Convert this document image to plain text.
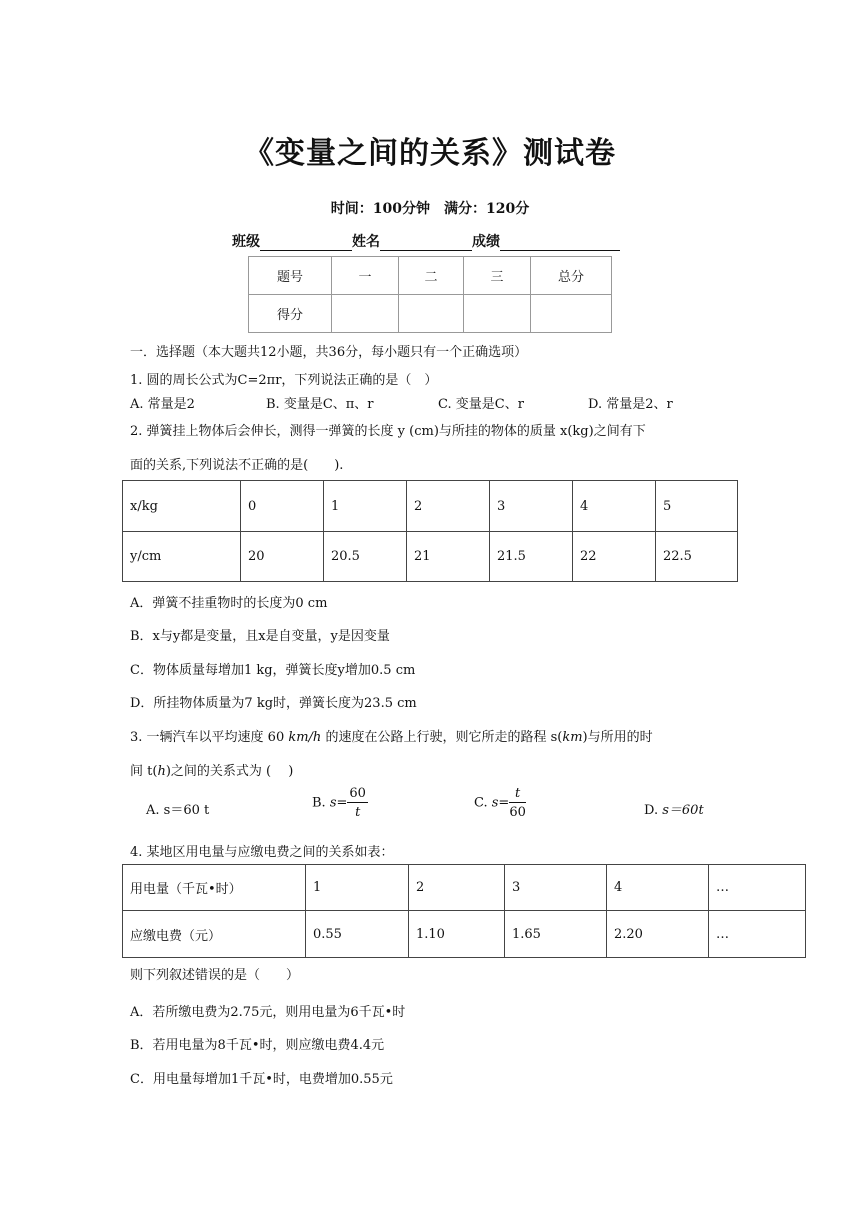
《变量之间的关系》测试卷
时间：100分钟　满分：120分
班级	姓名	成绩
题号	一	二	三	总分
得分				
一．选择题（本大题共12小题，共36分，每小题只有一个正确选项）
1. 圆的周长公式为C=2πr，下列说法正确的是（　）
A. 常量是2	B. 变量是C、π、r	C. 变量是C、r	D. 常量是2、r
2. 弹簧挂上物体后会伸长，测得一弹簧的长度 y (cm)与所挂的物体的质量 x(kg)之间有下
面的关系,下列说法不正确的是(　　).
x/kg	0	1	2	3	4	5
y/cm	20	20.5	21	21.5	22	22.5
A．弹簧不挂重物时的长度为0 cm
B．x与y都是变量，且x是自变量，y是因变量
C．物体质量每增加1 kg，弹簧长度y增加0.5 cm
D．所挂物体质量为7 kg时，弹簧长度为23.5 cm
3. 一辆汽车以平均速度 60 km/h 的速度在公路上行驶，则它所走的路程 s(km)与所用的时
间 t(h)之间的关系式为 (　 )
A. s＝60 t	B. $s= \frac{60}{t}$	C. $s= \frac{t}{60}$	D. s＝60t
4. 某地区用电量与应缴电费之间的关系如表：
用电量（千瓦•时）	1	2	3	4	…
应缴电费（元）	0.55	1.10	1.65	2.20	…
则下列叙述错误的是（　　）
A．若所缴电费为2.75元，则用电量为6千瓦•时
B．若用电量为8千瓦•时，则应缴电费4.4元
C．用电量每增加1千瓦•时，电费增加0.55元
